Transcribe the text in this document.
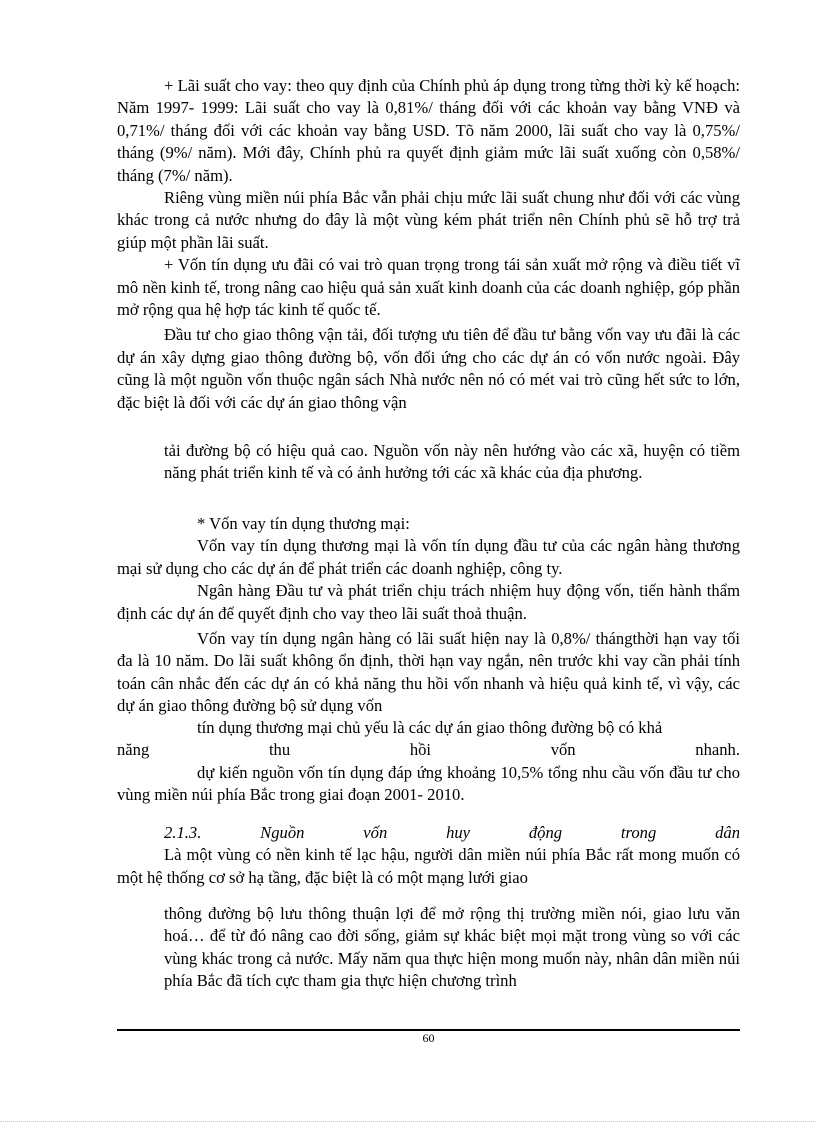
+ Lãi suất cho vay: theo quy định của Chính phủ áp dụng trong từng thời kỳ kế hoạch: Năm 1997- 1999: Lãi suất cho vay là 0,81%/ tháng đối với các khoản vay bằng VNĐ và 0,71%/ tháng đối với các khoản vay bằng USD. Tõ năm 2000, lãi suất cho vay là 0,75%/ tháng (9%/ năm). Mới đây, Chính phủ ra quyết định giảm mức lãi suất xuống còn 0,58%/ tháng (7%/ năm).

Riêng vùng miền núi phía Bắc vẫn phải chịu mức lãi suất chung như đối với các vùng khác trong cả nước nhưng do đây là một vùng kém phát triển nên Chính phủ sẽ hỗ trợ trả giúp một phần lãi suất.

+ Vốn tín dụng ưu đãi có vai trò quan trọng trong tái sản xuất mở rộng và điều tiết vĩ mô nền kinh tế, trong nâng cao hiệu quả sản xuất kinh doanh của các doanh nghiệp, góp phần mở rộng qua hệ hợp tác kinh tế quốc tế.

Đầu tư cho giao thông vận tải, đối tượng ưu tiên để đầu tư bằng vốn vay ưu đãi là các dự án xây dựng giao thông đường bộ, vốn đối ứng cho các dự án có vốn nước ngoài. Đây cũng là một nguồn vốn thuộc ngân sách Nhà nước nên nó có mét vai trò cũng hết sức to lớn, đặc biệt là đối với các dự án giao thông vận

tải đường bộ có hiệu quả cao. Nguồn vốn này nên hướng vào các xã, huyện có tiềm năng phát triển kinh tế và có ảnh hưởng tới các xã khác của địa phương.

* Vốn vay tín dụng thương mại:

Vốn vay tín dụng thương mại là vốn tín dụng đầu tư của các ngân hàng thương mại sử dụng cho các dự án để phát triển các doanh nghiệp, công ty.

Ngân hàng Đầu tư và phát triển chịu trách nhiệm huy động vốn, tiến hành thẩm định các dự án để quyết định cho vay theo lãi suất thoả thuận.

Vốn vay tín dụng ngân hàng có lãi suất hiện nay là 0,8%/ thángthời hạn vay tối đa là 10 năm. Do lãi suất không ổn định, thời hạn vay ngắn, nên trước khi vay cần phải tính toán cân nhắc đến các dự án có khả năng thu hồi vốn nhanh và hiệu quả kinh tế, vì vậy, các dự án giao thông đường bộ sử dụng vốn

tín dụng thương mại chủ yếu là các dự án giao thông đường bộ có khả

năng thu hồi vốn nhanh.

dự kiến nguồn vốn tín dụng đáp ứng khoảng 10,5% tổng nhu cầu vốn đầu tư cho vùng miền núi phía Bắc trong giai đoạn 2001- 2010.

2.1.3. Nguồn vốn huy động trong dân

Là một vùng có nền kinh tế lạc hậu, người dân miền núi phía Bắc rất mong muốn có một hệ thống cơ sở hạ tầng, đặc biệt là có một mạng lưới giao

thông đường bộ lưu thông thuận lợi để mở rộng thị trường miền nói, giao lưu văn hoá… để từ đó nâng cao đời sống, giảm sự khác biệt mọi mặt trong vùng so với các vùng khác trong cả nước. Mấy năm qua thực hiện mong muốn này, nhân dân miền núi phía Bắc đã tích cực tham gia thực hiện chương trình

60
